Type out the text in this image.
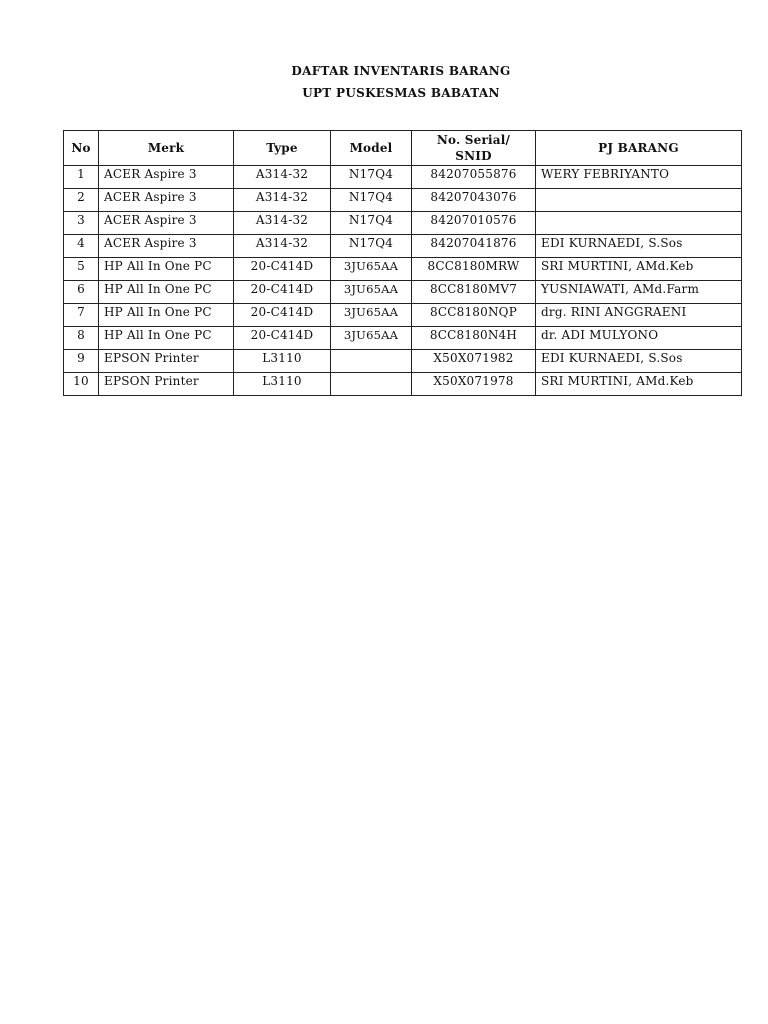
DAFTAR INVENTARIS BARANG
UPT PUSKESMAS BABATAN
No	Merk	Type	Model	No. Serial/
SNID	PJ BARANG
1	ACER Aspire 3	A314-32	N17Q4	84207055876	WERY FEBRIYANTO
2	ACER Aspire 3	A314-32	N17Q4	84207043076	
3	ACER Aspire 3	A314-32	N17Q4	84207010576	
4	ACER Aspire 3	A314-32	N17Q4	84207041876	EDI KURNAEDI, S.Sos
5	HP All In One PC	20-C414D	3JU65AA	8CC8180MRW	SRI MURTINI, AMd.Keb
6	HP All In One PC	20-C414D	3JU65AA	8CC8180MV7	YUSNIAWATI, AMd.Farm
7	HP All In One PC	20-C414D	3JU65AA	8CC8180NQP	drg. RINI ANGGRAENI
8	HP All In One PC	20-C414D	3JU65AA	8CC8180N4H	dr. ADI MULYONO
9	EPSON Printer	L3110		X50X071982	EDI KURNAEDI, S.Sos
10	EPSON Printer	L3110		X50X071978	SRI MURTINI, AMd.Keb
